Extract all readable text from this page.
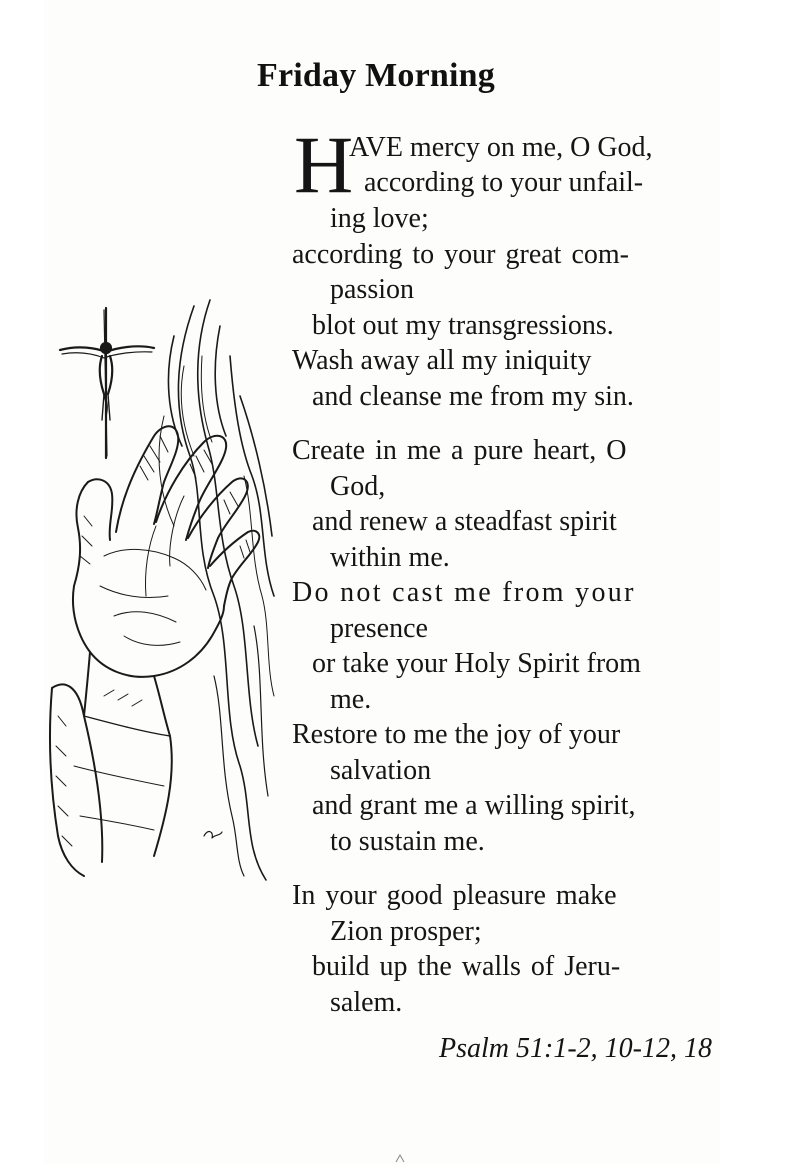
Friday Morning
H
AVE mercy on me, O God,
according to your unfail-
ing love;
according to your great com-
passion
blot out my transgressions.
Wash away all my iniquity
and cleanse me from my sin.
Create in me a pure heart, O
God,
and renew a steadfast spirit
within me.
Do not cast me from your
presence
or take your Holy Spirit from
me.
Restore to me the joy of your
salvation
and grant me a willing spirit,
to sustain me.
In your good pleasure make
Zion prosper;
build up the walls of Jeru-
salem.
Psalm 51:1-2, 10-12, 18
